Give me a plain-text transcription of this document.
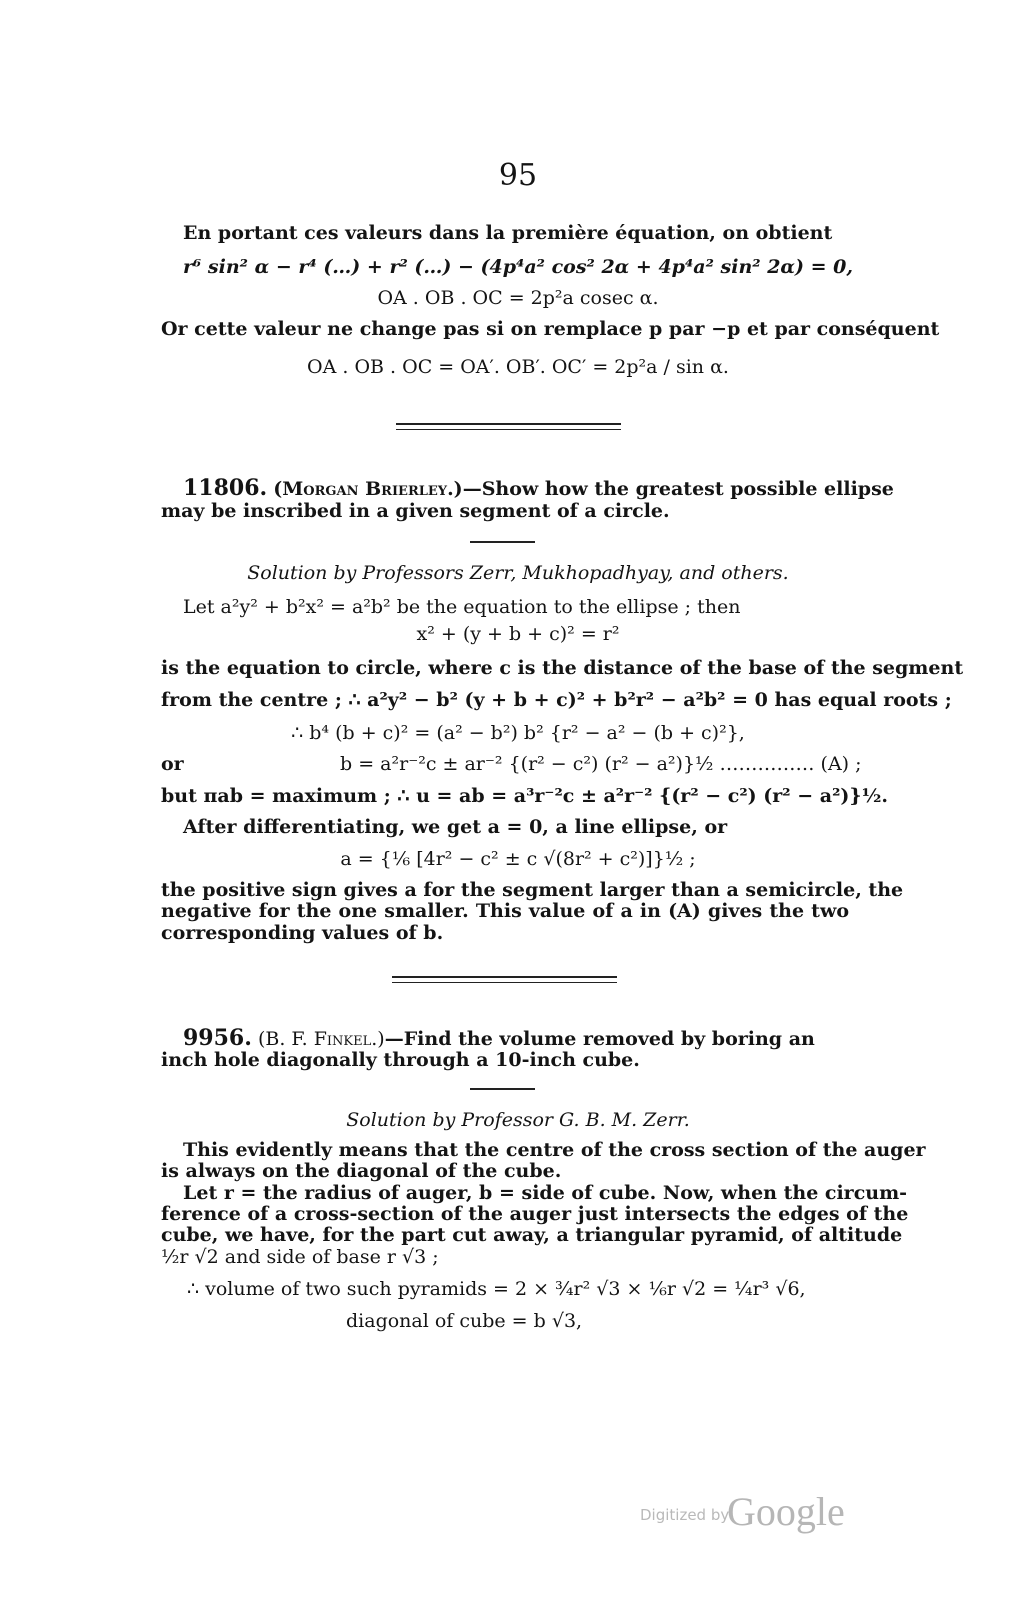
95
En portant ces valeurs dans la première équation, on obtient
r⁶ sin² α − r⁴ (…) + r² (…) − (4p⁴a² cos² 2α + 4p⁴a² sin² 2α) = 0,
OA . OB . OC = 2p²a cosec α.
Or cette valeur ne change pas si on remplace p par −p et par conséquent
OA . OB . OC = OA′. OB′. OC′ = 2p²a / sin α.
11806. (Morgan Brierley.)—Show how the greatest possible ellipse
may be inscribed in a given segment of a circle.
Solution by Professors Zerr, Mukhopadhyay, and others.
Let a²y² + b²x² = a²b² be the equation to the ellipse ; then
x² + (y + b + c)² = r²
is the equation to circle, where c is the distance of the base of the segment
from the centre ; ∴ a²y² − b² (y + b + c)² + b²r² − a²b² = 0 has equal roots ;
∴ b⁴ (b + c)² = (a² − b²) b² {r² − a² − (b + c)²},
or	b = a²r⁻²c ± ar⁻² {(r² − c²) (r² − a²)}½ …………… (A) ;
but πab = maximum ; ∴ u = ab = a³r⁻²c ± a²r⁻² {(r² − c²) (r² − a²)}½.
After differentiating, we get a = 0, a line ellipse, or
a = {⅙ [4r² − c² ± c √(8r² + c²)]}½ ;
the positive sign gives a for the segment larger than a semicircle, the
negative for the one smaller. This value of a in (A) gives the two
corresponding values of b.
9956. (B. F. Finkel.)—Find the volume removed by boring an
inch hole diagonally through a 10-inch cube.
Solution by Professor G. B. M. Zerr.
This evidently means that the centre of the cross section of the auger
is always on the diagonal of the cube.
Let r = the radius of auger, b = side of cube. Now, when the circum-
ference of a cross-section of the auger just intersects the edges of the
cube, we have, for the part cut away, a triangular pyramid, of altitude
½r √2 and side of base r √3 ;
∴ volume of two such pyramids = 2 × ¾r² √3 × ⅙r √2 = ¼r³ √6,
diagonal of cube = b √3,
Digitized by
Google
